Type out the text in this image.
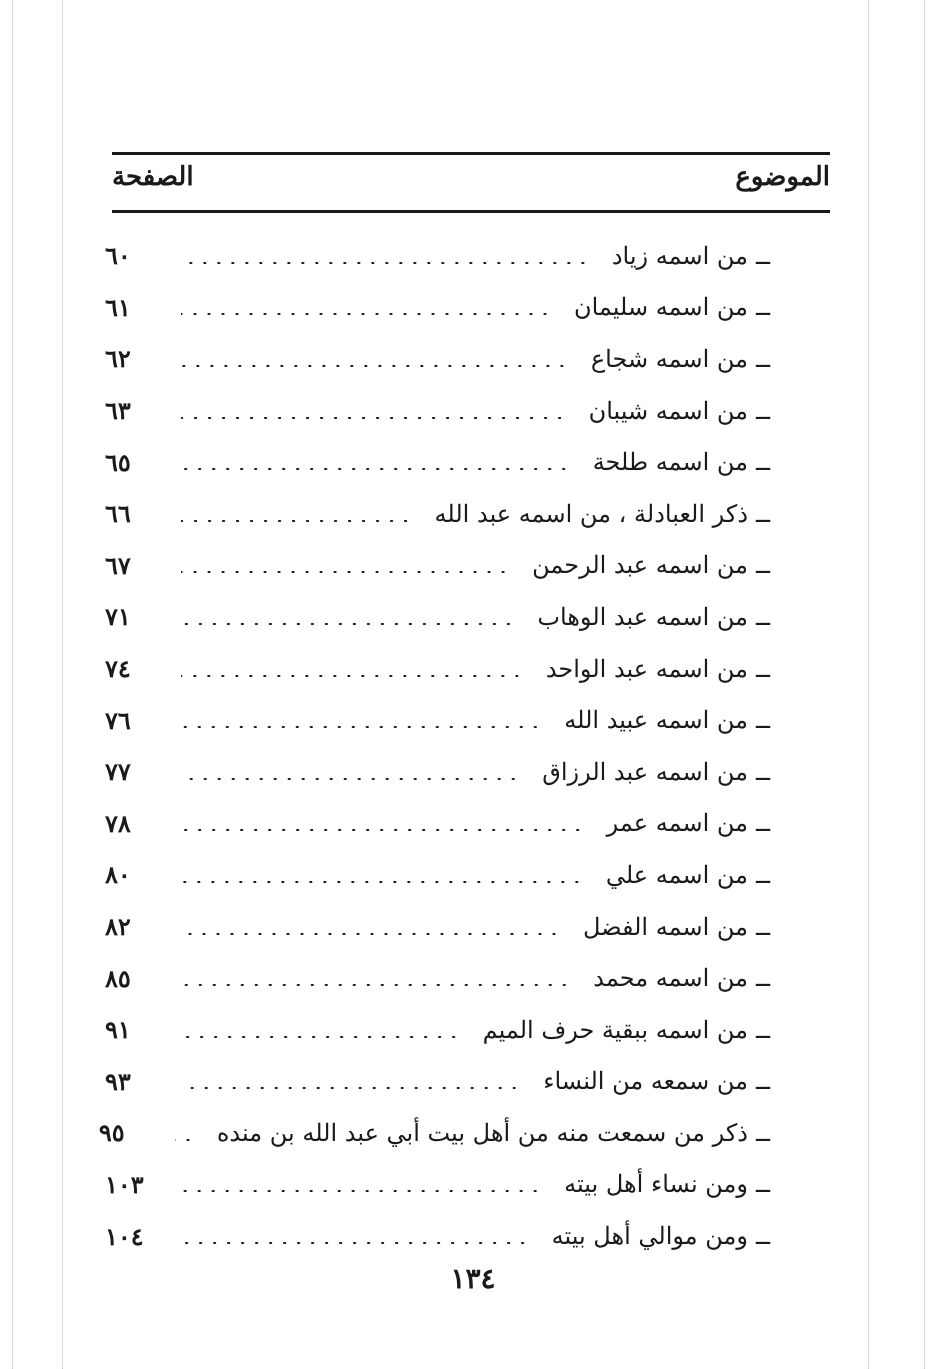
الموضوع
الصفحة
ــ
من اسمه زياد
٦٠
ــ
من اسمه سليمان
٦١
ــ
من اسمه شجاع
٦٢
ــ
من اسمه شيبان
٦٣
ــ
من اسمه طلحة
٦٥
ــ
ذكر العبادلة ، من اسمه عبد الله
٦٦
ــ
من اسمه عبد الرحمن
٦٧
ــ
من اسمه عبد الوهاب
٧١
ــ
من اسمه عبد الواحد
٧٤
ــ
من اسمه عبيد الله
٧٦
ــ
من اسمه عبد الرزاق
٧٧
ــ
من اسمه عمر
٧٨
ــ
من اسمه علي
٨٠
ــ
من اسمه الفضل
٨٢
ــ
من اسمه محمد
٨٥
ــ
من اسمه ببقية حرف الميم
٩١
ــ
من سمعه من النساء
٩٣
ــ
ذكر من سمعت منه من أهل بيت أبي عبد الله بن منده
٩٥
ــ
ومن نساء أهل بيته
١٠٣
ــ
ومن موالي أهل بيته
١٠٤
١٣٤
